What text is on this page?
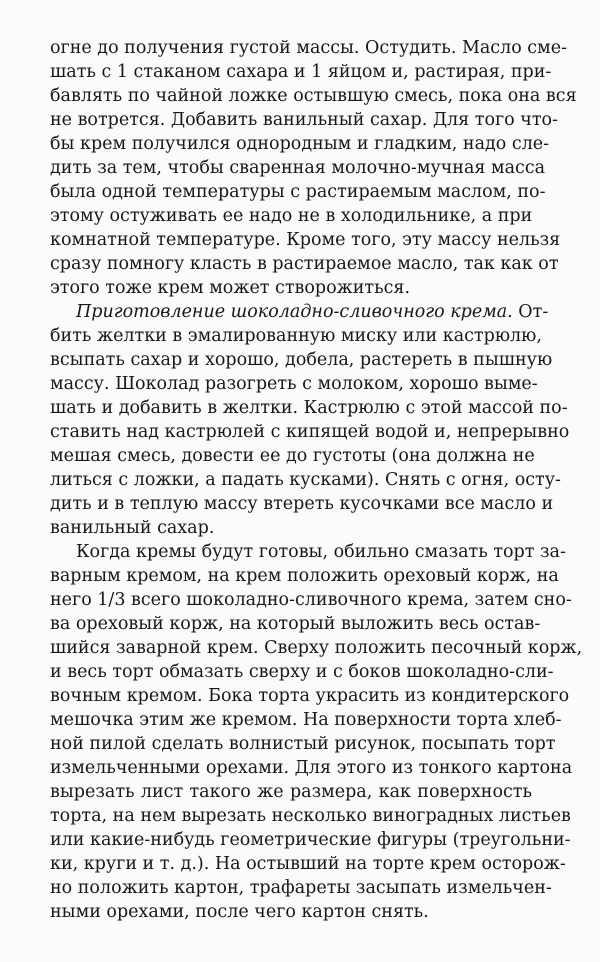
огне до получения густой массы. Остудить. Масло сме-
шать с 1 стаканом сахара и 1 яйцом и, растирая, при-
бавлять по чайной ложке остывшую смесь, пока она вся
не вотрется. Добавить ванильный сахар. Для того что-
бы крем получился однородным и гладким, надо сле-
дить за тем, чтобы сваренная молочно-мучная масса
была одной температуры с растираемым маслом, по-
этому остуживать ее надо не в холодильнике, а при
комнатной температуре. Кроме того, эту массу нельзя
сразу помногу класть в растираемое масло, так как от
этого тоже крем может створожиться.
Приготовление шоколадно-сливочного крема. От-
бить желтки в эмалированную миску или кастрюлю,
всыпать сахар и хорошо, добела, растереть в пышную
массу. Шоколад разогреть с молоком, хорошо выме-
шать и добавить в желтки. Кастрюлю с этой массой по-
ставить над кастрюлей с кипящей водой и, непрерывно
мешая смесь, довести ее до густоты (она должна не
литься с ложки, а падать кусками). Снять с огня, осту-
дить и в теплую массу втереть кусочками все масло и
ванильный сахар.
Когда кремы будут готовы, обильно смазать торт за-
варным кремом, на крем положить ореховый корж, на
него 1/3 всего шоколадно-сливочного крема, затем сно-
ва ореховый корж, на который выложить весь остав-
шийся заварной крем. Сверху положить песочный корж,
и весь торт обмазать сверху и с боков шоколадно-сли-
вочным кремом. Бока торта украсить из кондитерского
мешочка этим же кремом. На поверхности торта хлеб-
ной пилой сделать волнистый рисунок, посыпать торт
измельченными орехами. Для этого из тонкого картона
вырезать лист такого же размера, как поверхность
торта, на нем вырезать несколько виноградных листьев
или какие-нибудь геометрические фигуры (треугольни-
ки, круги и т. д.). На остывший на торте крем осторож-
но положить картон, трафареты засыпать измельчен-
ными орехами, после чего картон снять.
